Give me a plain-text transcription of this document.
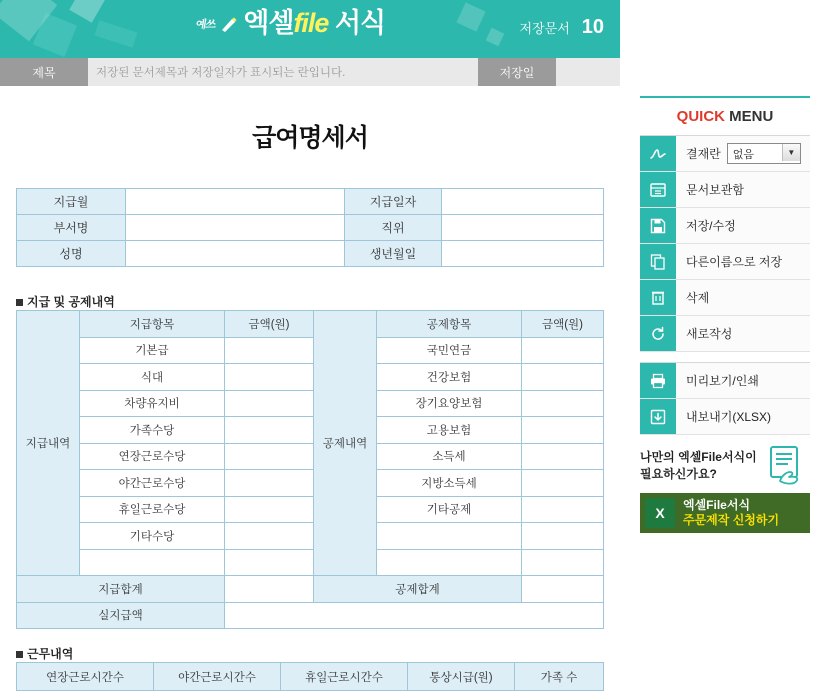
예쓰 엑셀file 서식	저장문서 10
제목	저장된 문서제목과 저장일자가 표시되는 란입니다.	저장일
급여명세서
지급월		지급일자	
부서명		직위	
성명		생년월일	
지급 및 공제내역
지급내역	지급항목	금액(원)	공제내역	공제항목	금액(원)
	기본급			국민연금	
	식대			건강보험	
	차량유지비			장기요양보험	
	가족수당			고용보험	
	연장근로수당			소득세	
	야간근로수당			지방소득세	
	휴일근로수당			기타공제	
	기타수당				

지급합계			공제합계		
실지급액					
근무내역
연장근로시간수	야간근로시간수	휴일근로시간수	통상시급(원)	가족 수
QUICK MENU
결재란	없음	▼
문서보관함
저장/수정
다른이름으로 저장
삭제
새로작성
미리보기/인쇄
내보내기(XLSX)
나만의 엑셀File서식이
필요하신가요?
X	엑셀File서식
주문제작 신청하기
